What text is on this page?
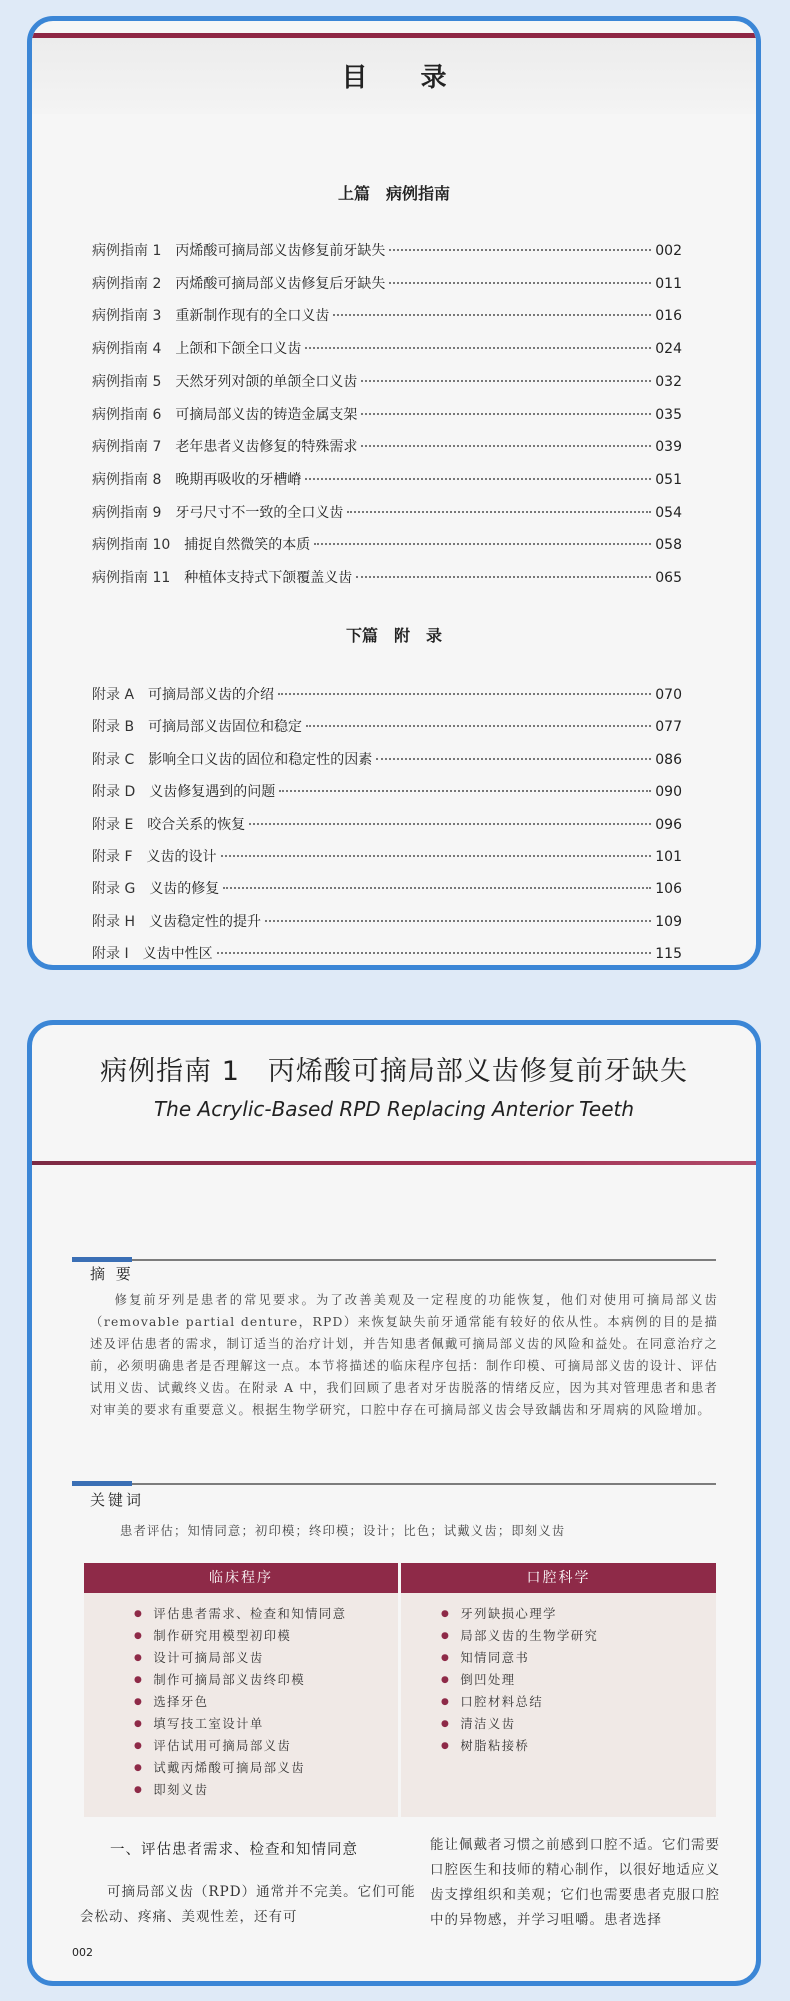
目 录
上篇　病例指南
病例指南 1 丙烯酸可摘局部义齿修复前牙缺失	002
病例指南 2 丙烯酸可摘局部义齿修复后牙缺失	011
病例指南 3 重新制作现有的全口义齿	016
病例指南 4 上颌和下颌全口义齿	024
病例指南 5 天然牙列对颌的单颌全口义齿	032
病例指南 6 可摘局部义齿的铸造金属支架	035
病例指南 7 老年患者义齿修复的特殊需求	039
病例指南 8 晚期再吸收的牙槽嵴	051
病例指南 9 牙弓尺寸不一致的全口义齿	054
病例指南 10 捕捉自然微笑的本质	058
病例指南 11 种植体支持式下颌覆盖义齿	065
下篇　附　录
附录 A 可摘局部义齿的介绍	070
附录 B 可摘局部义齿固位和稳定	077
附录 C 影响全口义齿的固位和稳定性的因素	086
附录 D 义齿修复遇到的问题	090
附录 E 咬合关系的恢复	096
附录 F 义齿的设计	101
附录 G 义齿的修复	106
附录 H 义齿稳定性的提升	109
附录 I 义齿中性区	115
病例指南 1　丙烯酸可摘局部义齿修复前牙缺失
The Acrylic-Based RPD Replacing Anterior Teeth
摘 要
修复前牙列是患者的常见要求。为了改善美观及一定程度的功能恢复，他们对使用可摘局部义齿（removable partial denture，RPD）来恢复缺失前牙通常能有较好的依从性。本病例的目的是描述及评估患者的需求，制订适当的治疗计划，并告知患者佩戴可摘局部义齿的风险和益处。在同意治疗之前，必须明确患者是否理解这一点。本节将描述的临床程序包括：制作印模、可摘局部义齿的设计、评估试用义齿、试戴终义齿。在附录 A 中，我们回顾了患者对牙齿脱落的情绪反应，因为其对管理患者和患者对审美的要求有重要意义。根据生物学研究，口腔中存在可摘局部义齿会导致龋齿和牙周病的风险增加。
关键词
患者评估；知情同意；初印模；终印模；设计；比色；试戴义齿；即刻义齿
临床程序	口腔科学
● 评估患者需求、检查和知情同意
● 制作研究用模型初印模
● 设计可摘局部义齿
● 制作可摘局部义齿终印模
● 选择牙色
● 填写技工室设计单
● 评估试用可摘局部义齿
● 试戴丙烯酸可摘局部义齿
● 即刻义齿
● 牙列缺损心理学
● 局部义齿的生物学研究
● 知情同意书
● 倒凹处理
● 口腔材料总结
● 清洁义齿
● 树脂粘接桥
一、评估患者需求、检查和知情同意
可摘局部义齿（RPD）通常并不完美。它们可能会松动、疼痛、美观性差，还有可
能让佩戴者习惯之前感到口腔不适。它们需要口腔医生和技师的精心制作，以很好地适应义齿支撑组织和美观；它们也需要患者克服口腔中的异物感，并学习咀嚼。患者选择
002
